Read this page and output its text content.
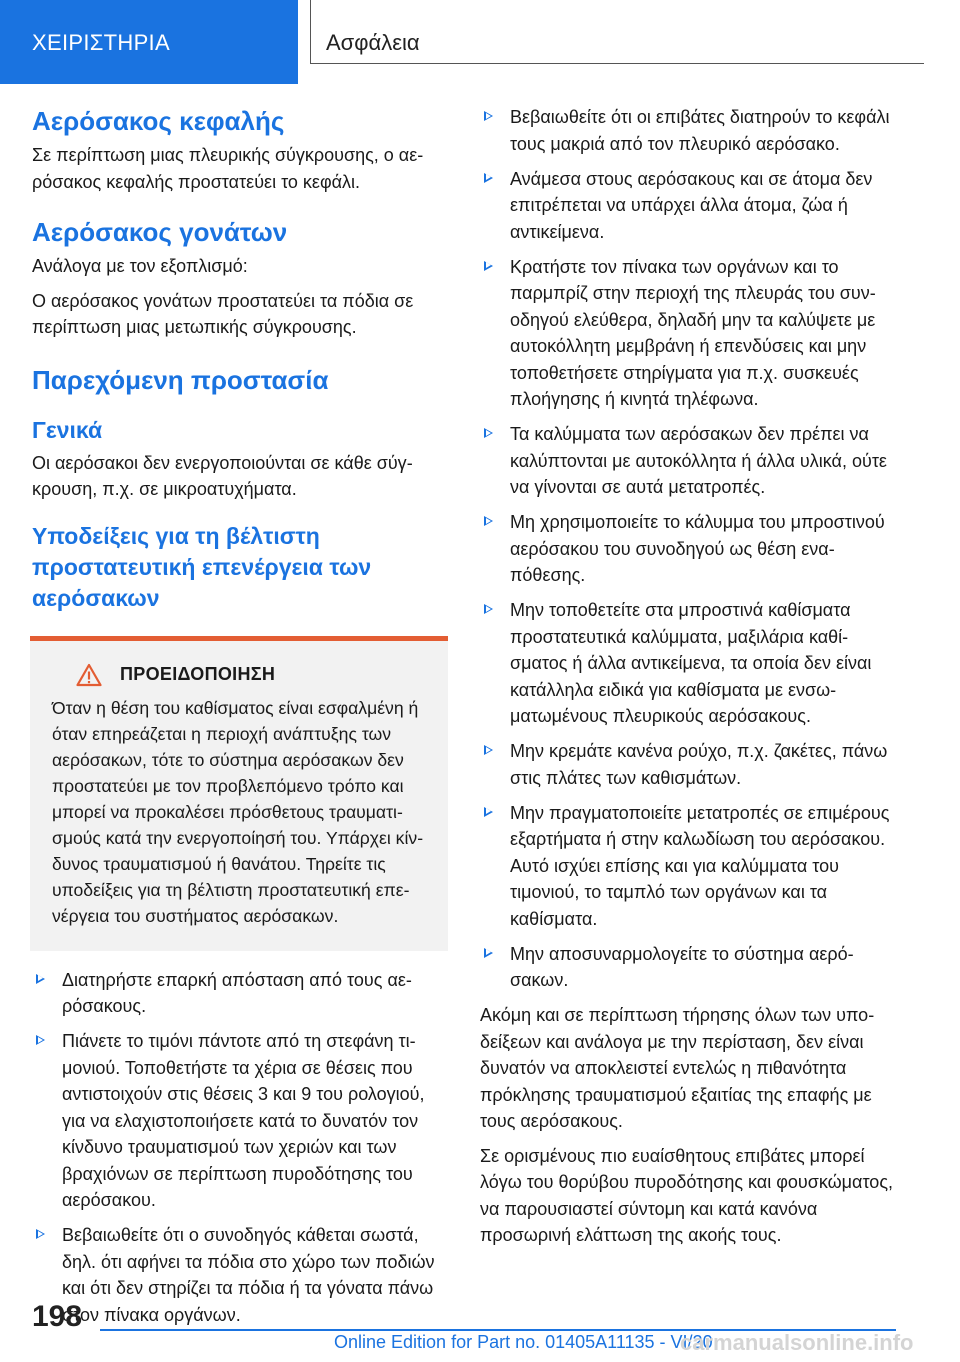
ΧΕΙΡΙΣΤΗΡΙΑ	Ασφάλεια
Αερόσακος κεφαλής

Σε περίπτωση μιας πλευρικής σύγκρουσης, ο αερόσακος κεφαλής προστατεύει το κεφάλι.

Αερόσακος γονάτων

Ανάλογα με τον εξοπλισμό:

Ο αερόσακος γονάτων προστατεύει τα πόδια σε περίπτωση μιας μετωπικής σύγκρουσης.

Παρεχόμενη προστασία
Γενικά

Οι αερόσακοι δεν ενεργοποιούνται σε κάθε σύγκρουση, π.χ. σε μικροατυχήματα.

Υποδείξεις για τη βέλτιστη προστατευτική επενέργεια των αερόσακων
ΠΡΟΕΙΔΟΠΟΙΗΣΗ

Όταν η θέση του καθίσματος είναι εσφαλμένη ή όταν επηρεάζεται η περιοχή ανάπτυξης των αερόσακων, τότε το σύστημα αερόσακων δεν προστατεύει με τον προβλεπόμενο τρόπο και μπορεί να προκαλέσει πρόσθετους τραυματισμούς κατά την ενεργοποίησή του. Υπάρχει κίνδυνος τραυματισμού ή θανάτου. Τηρείτε τις υποδείξεις για τη βέλτιστη προστατευτική επενέργεια του συστήματος αερόσακων.

Διατηρήστε επαρκή απόσταση από τους αερόσακους.
Πιάνετε το τιμόνι πάντοτε από τη στεφάνη τιμονιού. Τοποθετήστε τα χέρια σε θέσεις που αντιστοιχούν στις θέσεις 3 και 9 του ρολογιού, για να ελαχιστοποιήσετε κατά το δυνατόν τον κίνδυνο τραυματισμού των χεριών και των βραχιόνων σε περίπτωση πυροδότησης του αερόσακου.
Βεβαιωθείτε ότι ο συνοδηγός κάθεται σωστά, δηλ. ότι αφήνει τα πόδια στο χώρο των ποδιών και ότι δεν στηρίζει τα πόδια ή τα γόνατα πάνω στον πίνακα οργάνων.
Βεβαιωθείτε ότι οι επιβάτες διατηρούν το κεφάλι τους μακριά από τον πλευρικό αερόσακο.
Ανάμεσα στους αερόσακους και σε άτομα δεν επιτρέπεται να υπάρχει άλλα άτομα, ζώα ή αντικείμενα.
Κρατήστε τον πίνακα των οργάνων και το παρμπρίζ στην περιοχή της πλευράς του συνοδηγού ελεύθερα, δηλαδή μην τα καλύψετε με αυτοκόλλητη μεμβράνη ή επενδύσεις και μην τοποθετήσετε στηρίγματα για π.χ. συσκευές πλοήγησης ή κινητά τηλέφωνα.
Τα καλύμματα των αερόσακων δεν πρέπει να καλύπτονται με αυτοκόλλητα ή άλλα υλικά, ούτε να γίνονται σε αυτά μετατροπές.
Μη χρησιμοποιείτε το κάλυμμα του μπροστινού αερόσακου του συνοδηγού ως θέση εναπόθεσης.
Μην τοποθετείτε στα μπροστινά καθίσματα προστατευτικά καλύμματα, μαξιλάρια καθίσματος ή άλλα αντικείμενα, τα οποία δεν είναι κατάλληλα ειδικά για καθίσματα με ενσωματωμένους πλευρικούς αερόσακους.
Μην κρεμάτε κανένα ρούχο, π.χ. ζακέτες, πάνω στις πλάτες των καθισμάτων.
Μην πραγματοποιείτε μετατροπές σε επιμέρους εξαρτήματα ή στην καλωδίωση του αερόσακου. Αυτό ισχύει επίσης και για καλύμματα του τιμονιού, το ταμπλό των οργάνων και τα καθίσματα.
Μην αποσυναρμολογείτε το σύστημα αερόσακων.

Ακόμη και σε περίπτωση τήρησης όλων των υποδείξεων και ανάλογα με την περίσταση, δεν είναι δυνατόν να αποκλειστεί εντελώς η πιθανότητα πρόκλησης τραυματισμού εξαιτίας της επαφής με τους αερόσακους.

Σε ορισμένους πιο ευαίσθητους επιβάτες μπορεί λόγω του θορύβου πυροδότησης και φουσκώματος, να παρουσιαστεί σύντομη και κατά κανόνα προσωρινή ελάττωση της ακοής τους.

198
Online Edition for Part no. 01405A11135 - VI/20
carmanualsonline.info
